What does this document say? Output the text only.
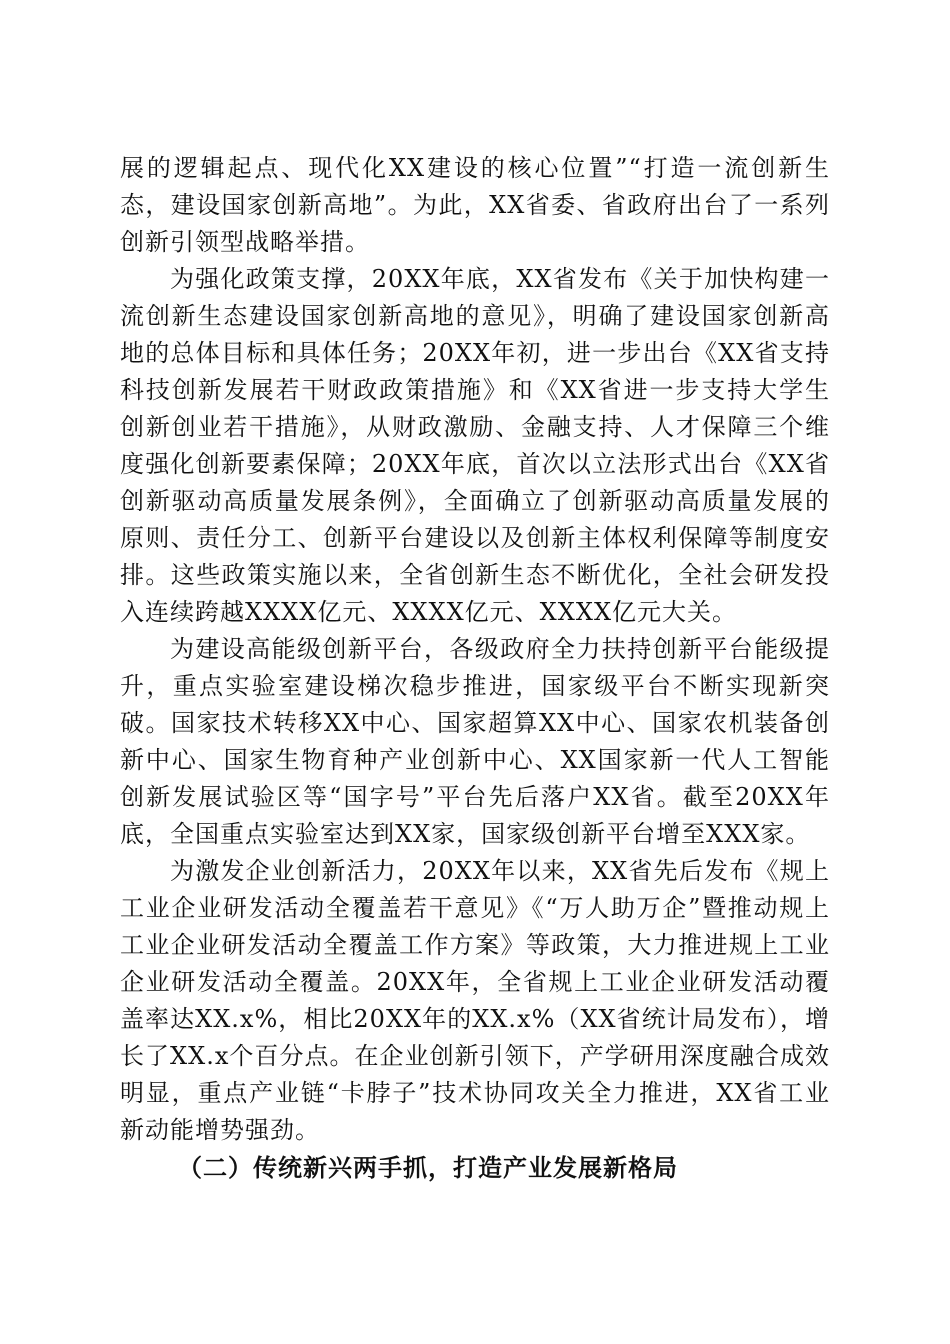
展的逻辑起点、现代化XX建设的核心位置”“打造一流创新生态，建设国家创新高地”。为此，XX省委、省政府出台了一系列创新引领型战略举措。

为强化政策支撑，20XX年底，XX省发布《关于加快构建一流创新生态建设国家创新高地的意见》，明确了建设国家创新高地的总体目标和具体任务；20XX年初，进一步出台《XX省支持科技创新发展若干财政政策措施》和《XX省进一步支持大学生创新创业若干措施》，从财政激励、金融支持、人才保障三个维度强化创新要素保障；20XX年底，首次以立法形式出台《XX省创新驱动高质量发展条例》，全面确立了创新驱动高质量发展的原则、责任分工、创新平台建设以及创新主体权利保障等制度安排。这些政策实施以来，全省创新生态不断优化，全社会研发投入连续跨越XXXX亿元、XXXX亿元、XXXX亿元大关。

为建设高能级创新平台，各级政府全力扶持创新平台能级提升，重点实验室建设梯次稳步推进，国家级平台不断实现新突破。国家技术转移XX中心、国家超算XX中心、国家农机装备创新中心、国家生物育种产业创新中心、XX国家新一代人工智能创新发展试验区等“国字号”平台先后落户XX省。截至20XX年底，全国重点实验室达到XX家，国家级创新平台增至XXX家。

为激发企业创新活力，20XX年以来，XX省先后发布《规上工业企业研发活动全覆盖若干意见》《“万人助万企”暨推动规上工业企业研发活动全覆盖工作方案》等政策，大力推进规上工业企业研发活动全覆盖。20XX年，全省规上工业企业研发活动覆盖率达XX.x%，相比20XX年的XX.x%（XX省统计局发布），增长了XX.x个百分点。在企业创新引领下，产学研用深度融合成效明显，重点产业链“卡脖子”技术协同攻关全力推进，XX省工业新动能增势强劲。

（二）传统新兴两手抓，打造产业发展新格局
